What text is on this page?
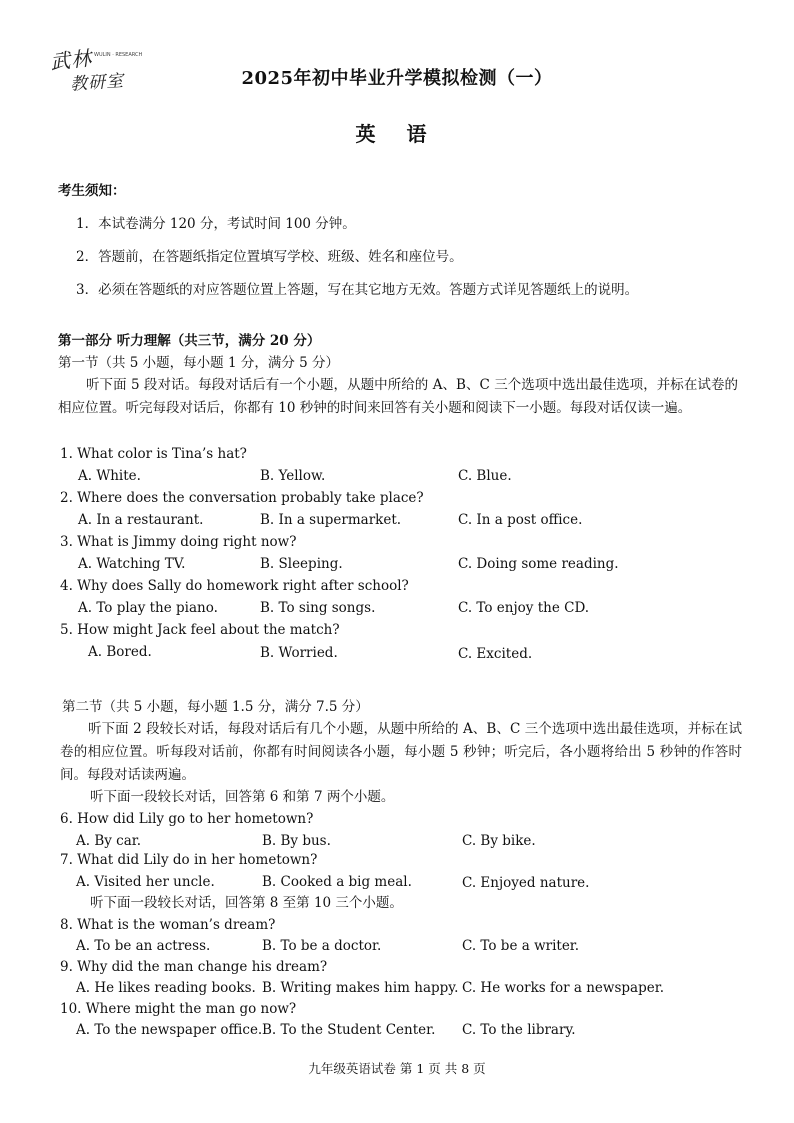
武林 WULIN · RESEARCH
教研室	2025年初中毕业升学模拟检测（一）
英 语
考生须知：
1．本试卷满分 120 分，考试时间 100 分钟。
2．答题前，在答题纸指定位置填写学校、班级、姓名和座位号。
3．必须在答题纸的对应答题位置上答题，写在其它地方无效。答题方式详见答题纸上的说明。
第一部分 听力理解（共三节，满分 20 分）
第一节（共 5 小题，每小题 1 分，满分 5 分）
听下面 5 段对话。每段对话后有一个小题，从题中所给的 A、B、C 三个选项中选出最佳选项，并标在试卷的相应位置。听完每段对话后，你都有 10 秒钟的时间来回答有关小题和阅读下一小题。每段对话仅读一遍。
1. What color is Tina’s hat?
A. White.	B. Yellow.	C. Blue.
2. Where does the conversation probably take place?
A. In a restaurant.	B. In a supermarket.	C. In a post office.
3. What is Jimmy doing right now?
A. Watching TV.	B. Sleeping.	C. Doing some reading.
4. Why does Sally do homework right after school?
A. To play the piano.	B. To sing songs.	C. To enjoy the CD.
5. How might Jack feel about the match?
A. Bored.	B. Worried.	C. Excited.
第二节（共 5 小题，每小题 1.5 分，满分 7.5 分）
听下面 2 段较长对话，每段对话后有几个小题，从题中所给的 A、B、C 三个选项中选出最佳选项，并标在试卷的相应位置。听每段对话前，你都有时间阅读各小题，每小题 5 秒钟；听完后，各小题将给出 5 秒钟的作答时间。每段对话读两遍。
听下面一段较长对话，回答第 6 和第 7 两个小题。
6. How did Lily go to her hometown?
A. By car.	B. By bus.	C. By bike.
7. What did Lily do in her hometown?
A. Visited her uncle.	B. Cooked a big meal.	C. Enjoyed nature.
听下面一段较长对话，回答第 8 至第 10 三个小题。
8. What is the woman’s dream?
A. To be an actress.	B. To be a doctor.	C. To be a writer.
9. Why did the man change his dream?
A. He likes reading books. B. Writing makes him happy. C. He works for a newspaper.
10. Where might the man go now?
A. To the newspaper office. B. To the Student Center. C. To the library.
九年级英语试卷 第 1 页 共 8 页
